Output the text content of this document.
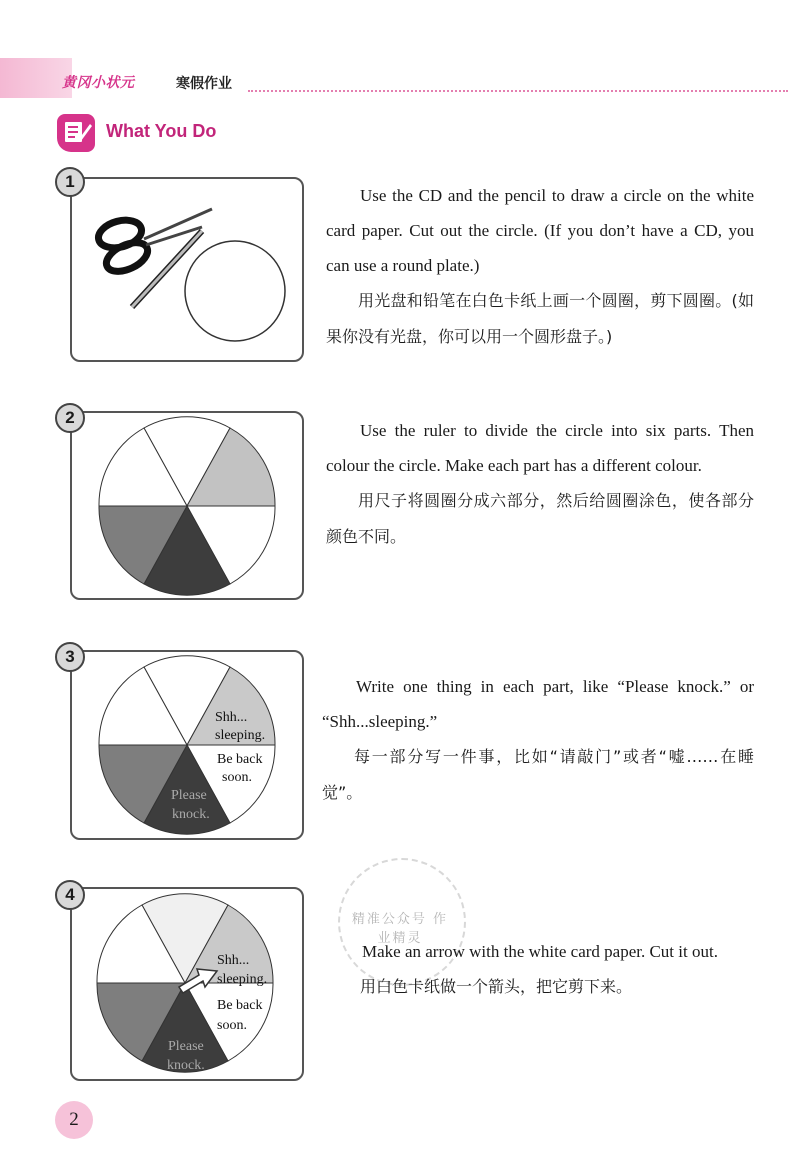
黄冈小状元	寒假作业
What You Do
1

Use the CD and the pencil to draw a circle on the white card paper. Cut out the circle. (If you don’t have a CD, you can use a round plate.)

用光盘和铅笔在白色卡纸上画一个圆圈，剪下圆圈。(如果你没有光盘，你可以用一个圆形盘子。)

2

Use the ruler to divide the circle into six parts. Then colour the circle. Make each part has a different colour.

用尺子将圆圈分成六部分，然后给圆圈涂色，使各部分颜色不同。

Shh...
sleeping.
Be back
soon.
Please
knock.
3

Write one thing in each part, like “Please knock.” or “Shh...sleeping.”

每一部分写一件事，比如“请敲门”或者“嘘……在睡觉”。

Shh...
sleeping.
Be back
soon.
Please
knock.
4
精准公众号 作业精灵

Make an arrow with the white card paper. Cut it out.

用白色卡纸做一个箭头，把它剪下来。

2
